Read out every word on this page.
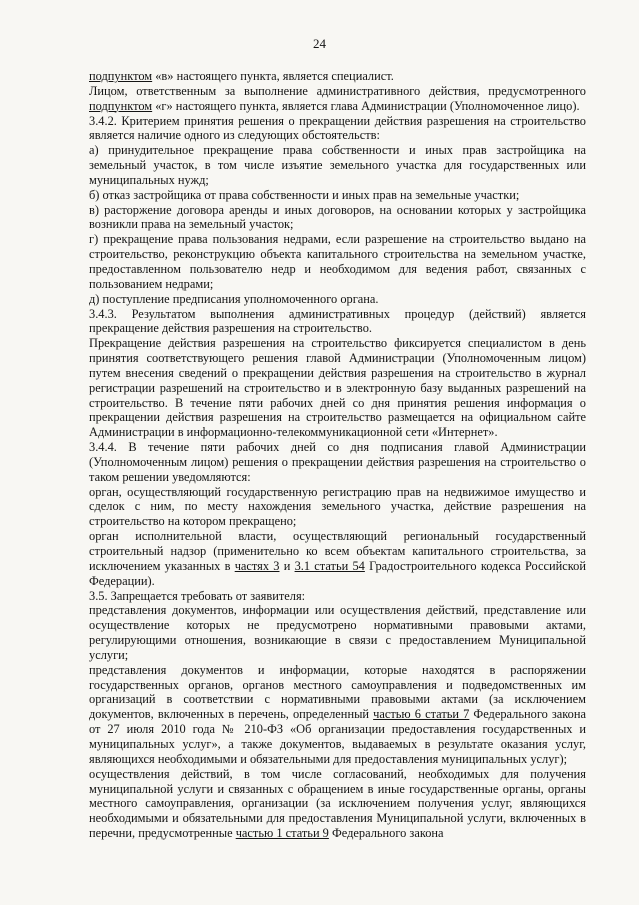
24

подпунктом «в» настоящего пункта, является специалист.

Лицом, ответственным за выполнение административного действия, предусмотренного подпунктом «г» настоящего пункта, является глава Администрации (Уполномоченное лицо).

3.4.2. Критерием принятия решения о прекращении действия разрешения на строительство является наличие одного из следующих обстоятельств:

а) принудительное прекращение права собственности и иных прав застройщика на земельный участок, в том числе изъятие земельного участка для государственных или муниципальных нужд;

б) отказ застройщика от права собственности и иных прав на земельные участки;

в) расторжение договора аренды и иных договоров, на основании которых у застройщика возникли права на земельный участок;

г) прекращение права пользования недрами, если разрешение на строительство выдано на строительство, реконструкцию объекта капитального строительства на земельном участке, предоставленном пользователю недр и необходимом для ведения работ, связанных с пользованием недрами;

д) поступление предписания уполномоченного органа.

3.4.3. Результатом выполнения административных процедур (действий) является прекращение действия разрешения на строительство.

Прекращение действия разрешения на строительство фиксируется специалистом в день принятия соответствующего решения главой Администрации (Уполномоченным лицом) путем внесения сведений о прекращении действия разрешения на строительство в журнал регистрации разрешений на строительство и в электронную базу выданных разрешений на строительство. В течение пяти рабочих дней со дня принятия решения информация о прекращении действия разрешения на строительство размещается на официальном сайте Администрации в информационно-телекоммуникационной сети «Интернет».

3.4.4. В течение пяти рабочих дней со дня подписания главой Администрации (Уполномоченным лицом) решения о прекращении действия разрешения на строительство о таком решении уведомляются:

орган, осуществляющий государственную регистрацию прав на недвижимое имущество и сделок с ним, по месту нахождения земельного участка, действие разрешения на строительство на котором прекращено;

орган исполнительной власти, осуществляющий региональный государственный строительный надзор (применительно ко всем объектам капитального строительства, за исключением указанных в частях 3 и 3.1 статьи 54 Градостроительного кодекса Российской Федерации).

3.5. Запрещается требовать от заявителя:

представления документов, информации или осуществления действий, представление или осуществление которых не предусмотрено нормативными правовыми актами, регулирующими отношения, возникающие в связи с предоставлением Муниципальной услуги;

представления документов и информации, которые находятся в распоряжении государственных органов, органов местного самоуправления и подведомственных им организаций в соответствии с нормативными правовыми актами (за исключением документов, включенных в перечень, определенный частью 6 статьи 7 Федерального закона от 27 июля 2010 года № 210-ФЗ «Об организации предоставления государственных и муниципальных услуг», а также документов, выдаваемых в результате оказания услуг, являющихся необходимыми и обязательными для предоставления муниципальных услуг);

осуществления действий, в том числе согласований, необходимых для получения муниципальной услуги и связанных с обращением в иные государственные органы, органы местного самоуправления, организации (за исключением получения услуг, являющихся необходимыми и обязательными для предоставления Муниципальной услуги, включенных в перечни, предусмотренные частью 1 статьи 9 Федерального закона
